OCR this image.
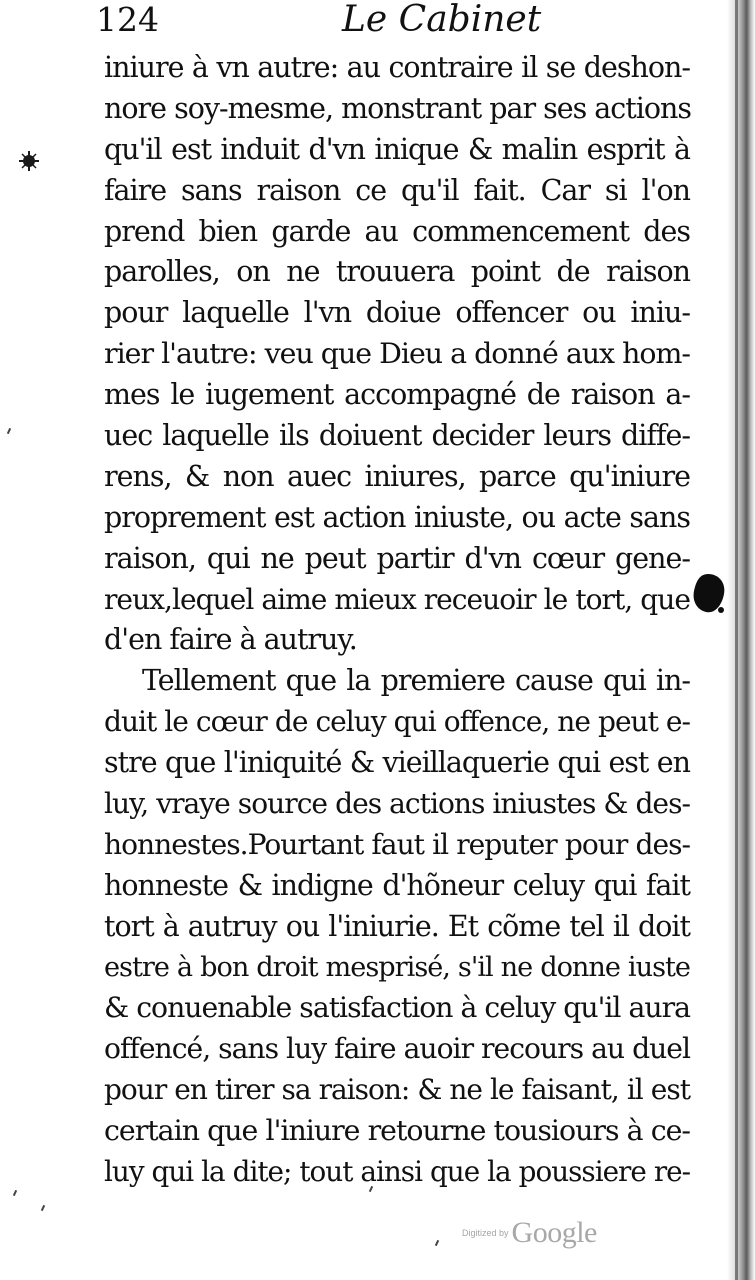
124	Le Cabinet
iniure à vn autre: au contraire il se deshon-
nore soy-mesme, monstrant par ses actions
qu'il est induit d'vn inique & malin esprit à
faire sans raison ce qu'il fait. Car si l'on
prend bien garde au commencement des
parolles, on ne trouuera point de raison
pour laquelle l'vn doiue offencer ou iniu-
rier l'autre: veu que Dieu a donné aux hom-
mes le iugement accompagné de raison a-
uec laquelle ils doiuent decider leurs diffe-
rens, & non auec iniures, parce qu'iniure
proprement est action iniuste, ou acte sans
raison, qui ne peut partir d'vn cœur gene-
reux,lequel aime mieux receuoir le tort, que
d'en faire à autruy.
Tellement que la premiere cause qui in-
duit le cœur de celuy qui offence, ne peut e-
stre que l'iniquité & vieillaquerie qui est en
luy, vraye source des actions iniustes & des-
honnestes.Pourtant faut il reputer pour des-
honneste & indigne d'hõneur celuy qui fait
tort à autruy ou l'iniurie. Et cõme tel il doit
estre à bon droit mesprisé, s'il ne donne iuste
& conuenable satisfaction à celuy qu'il aura
offencé, sans luy faire auoir recours au duel
pour en tirer sa raison: & ne le faisant, il est
certain que l'iniure retourne tousiours à ce-
luy qui la dite; tout ainsi que la poussiere re-
Digitized by Google
